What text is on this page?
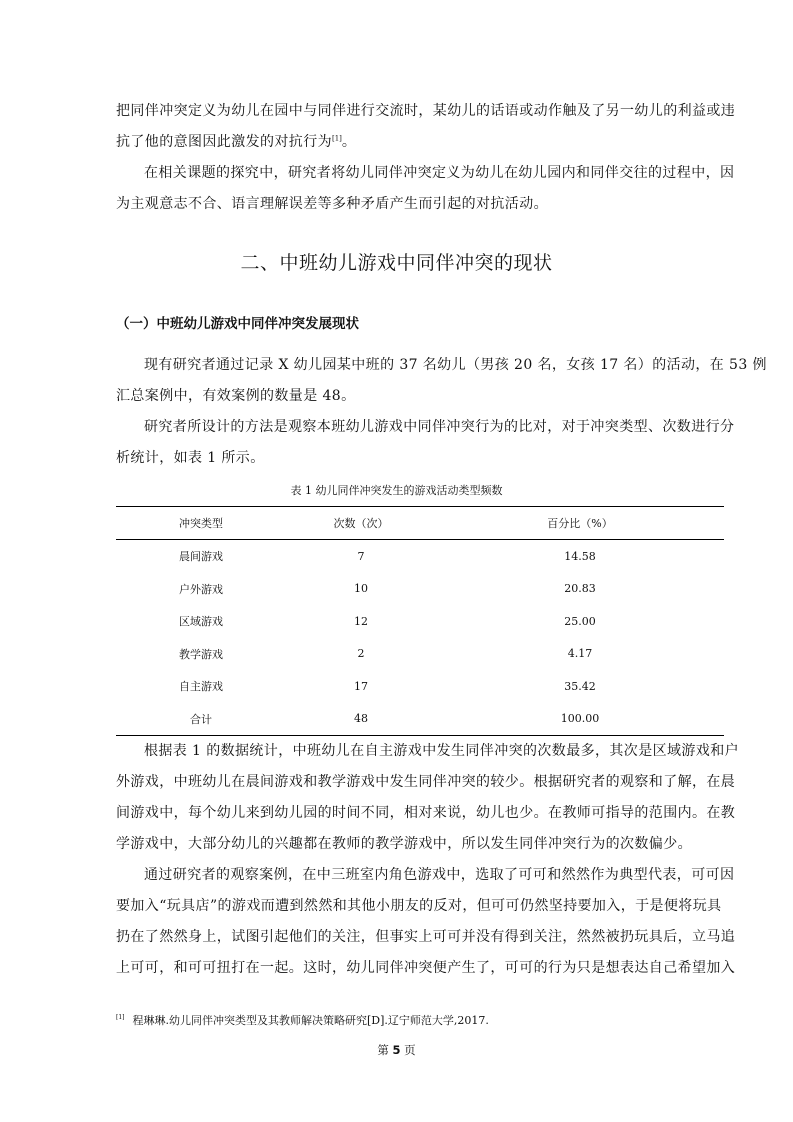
把同伴冲突定义为幼儿在园中与同伴进行交流时，某幼儿的话语或动作触及了另一幼儿的利益或违
抗了他的意图因此激发的对抗行为[1]。

在相关课题的探究中，研究者将幼儿同伴冲突定义为幼儿在幼儿园内和同伴交往的过程中，因
为主观意志不合、语言理解误差等多种矛盾产生而引起的对抗活动。

二、中班幼儿游戏中同伴冲突的现状
（一）中班幼儿游戏中同伴冲突发展现状

现有研究者通过记录 X 幼儿园某中班的 37 名幼儿（男孩 20 名，女孩 17 名）的活动，在 53 例
汇总案例中，有效案例的数量是 48。

研究者所设计的方法是观察本班幼儿游戏中同伴冲突行为的比对，对于冲突类型、次数进行分
析统计，如表 1 所示。

表 1 幼儿同伴冲突发生的游戏活动类型频数
冲突类型	次数（次）	百分比（%）
晨间游戏	7	14.58
户外游戏	10	20.83
区域游戏	12	25.00
教学游戏	2	4.17
自主游戏	17	35.42
合计	48	100.00

根据表 1 的数据统计，中班幼儿在自主游戏中发生同伴冲突的次数最多，其次是区域游戏和户
外游戏，中班幼儿在晨间游戏和教学游戏中发生同伴冲突的较少。根据研究者的观察和了解，在晨
间游戏中，每个幼儿来到幼儿园的时间不同，相对来说，幼儿也少。在教师可指导的范围内。在教
学游戏中，大部分幼儿的兴趣都在教师的教学游戏中，所以发生同伴冲突行为的次数偏少。

通过研究者的观察案例，在中三班室内角色游戏中，选取了可可和然然作为典型代表，可可因
要加入“玩具店”的游戏而遭到然然和其他小朋友的反对，但可可仍然坚持要加入，于是便将玩具
扔在了然然身上，试图引起他们的关注，但事实上可可并没有得到关注，然然被扔玩具后，立马追
上可可，和可可扭打在一起。这时，幼儿同伴冲突便产生了，可可的行为只是想表达自己希望加入

[1] 程琳琳.幼儿同伴冲突类型及其教师解决策略研究[D].辽宁师范大学,2017.
第 5 页
